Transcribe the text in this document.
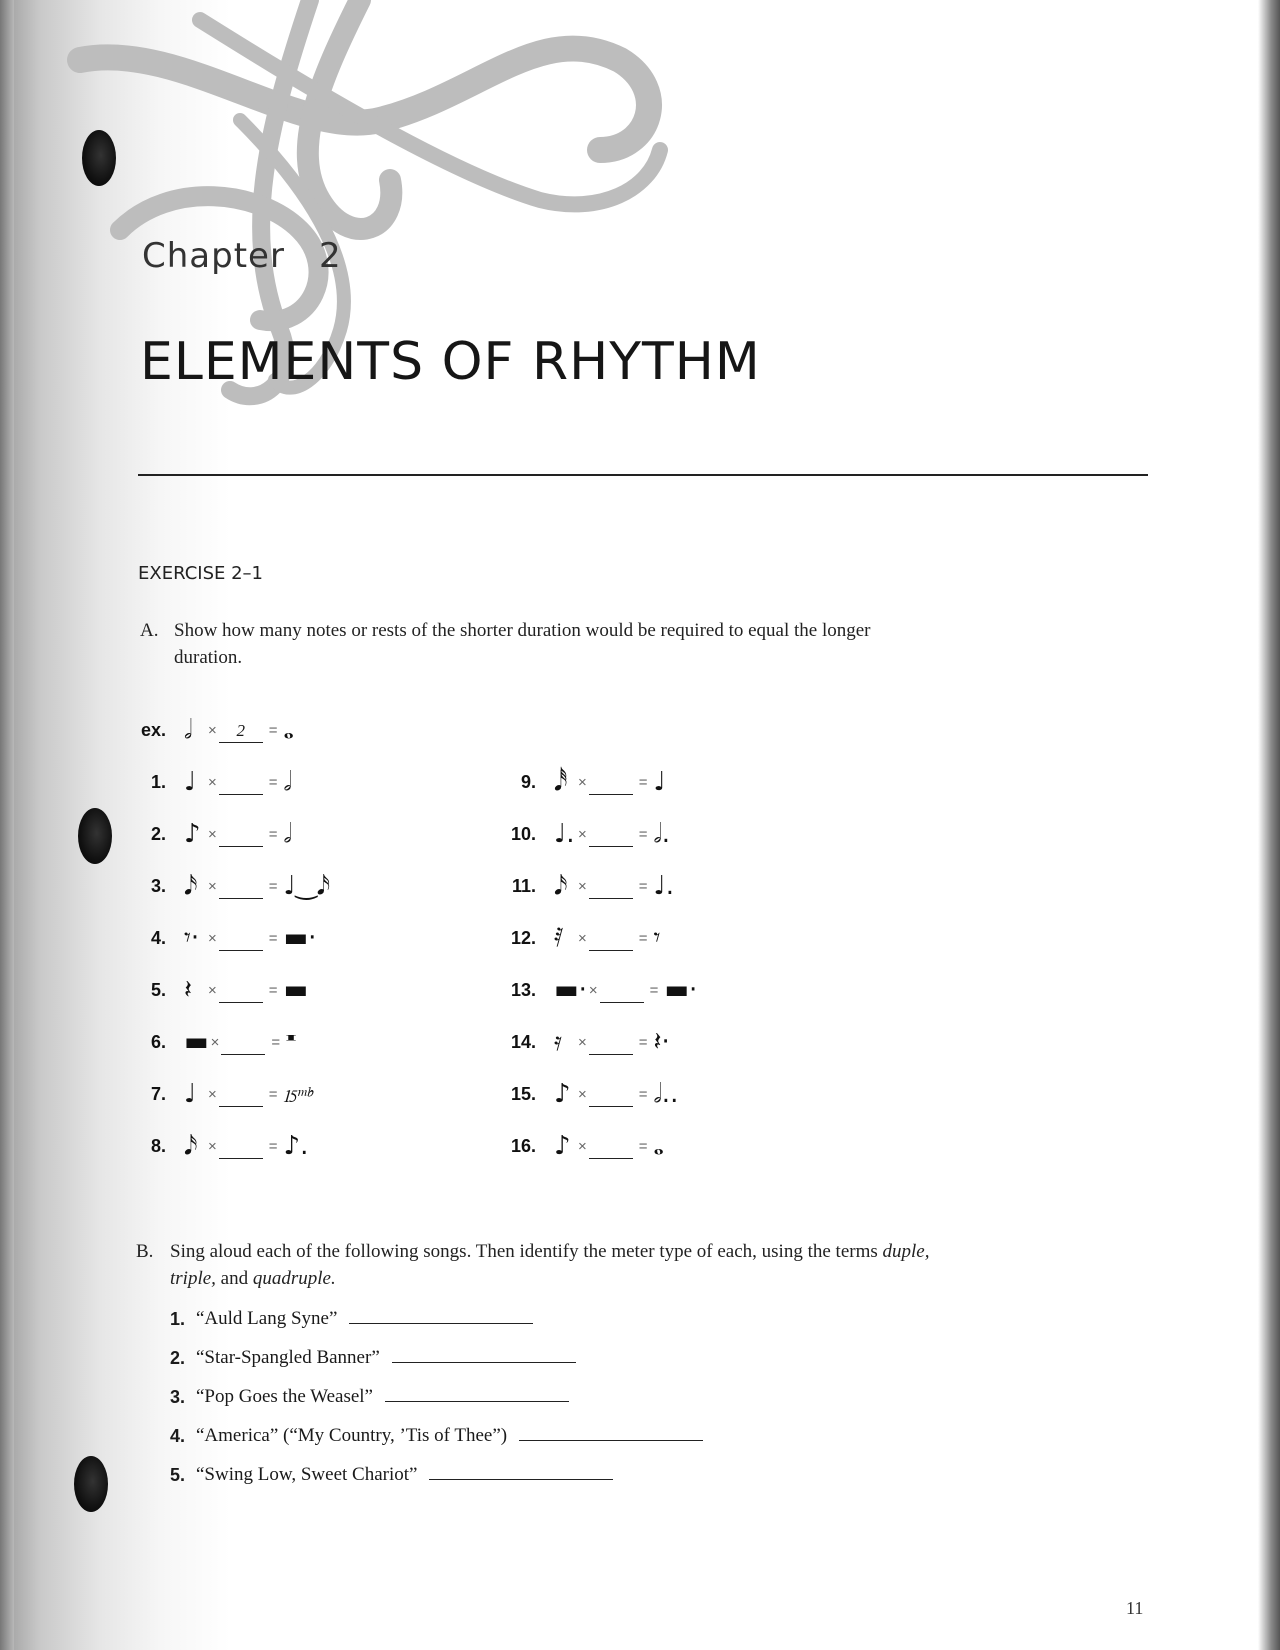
Chapter 2
ELEMENTS OF RHYTHM
EXERCISE 2–1
A. Show how many notes or rests of the shorter duration would be required to equal the longer duration.
ex. 𝅗𝅥	×	2	= 𝅝
1. ♩ ×	= 𝅗𝅥
2. ♪ ×	= 𝅗𝅥
3. 𝅘𝅥𝅯 ×	= ♩‿𝅘𝅥𝅯
4. 𝄾· ×	= ▬·
5. 𝄽	×	= ▬
6. ▬ ×	= 𝄺
7. ♩ ×	= 𝄹
8. 𝅘𝅥𝅯 ×	= ♪.
9. 𝅘𝅥𝅰 ×	= ♩
10. ♩. ×	= 𝅗𝅥.
11. 𝅘𝅥𝅯 ×	= ♩.
12. 𝅀 ×	= 𝄾
13. ▬· ×	= ▬·
14. 𝄿	×	= 𝄽·
15. ♪ ×	= 𝅗𝅥..
16. ♪ ×	= 𝅝
B. Sing aloud each of the following songs. Then identify the meter type of each, using the terms duple, triple, and quadruple.
1. “Auld Lang Syne”
2. “Star-Spangled Banner”
3. “Pop Goes the Weasel”
4. “America” (“My Country, ’Tis of Thee”)
5. “Swing Low, Sweet Chariot”
11
